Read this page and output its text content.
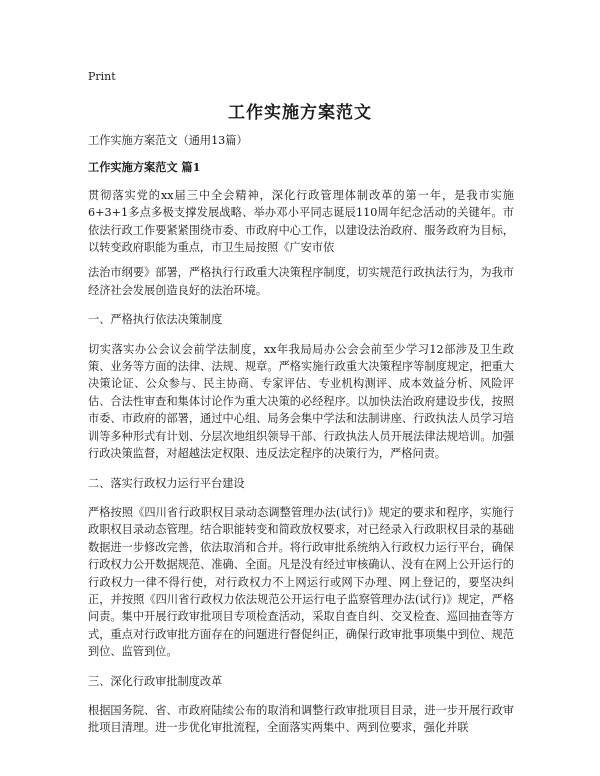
Print
工作实施方案范文

工作实施方案范文（通用13篇）

工作实施方案范文 篇1

贯彻落实党的xx届三中全会精神，深化行政管理体制改革的第一年，是我市实施6+3+1多点多极支撑发展战略、举办邓小平同志诞辰110周年纪念活动的关键年。市依法行政工作要紧紧围绕市委、市政府中心工作，以建设法治政府、服务政府为目标，以转变政府职能为重点，市卫生局按照《广安市依

法治市纲要》部署，严格执行行政重大决策程序制度，切实规范行政执法行为，为我市经济社会发展创造良好的法治环境。

一、严格执行依法决策制度

切实落实办公会议会前学法制度，xx年我局局办公会会前至少学习12部涉及卫生政策、业务等方面的法律、法规、规章。严格实施行政重大决策程序等制度规定，把重大决策论证、公众参与、民主协商、专家评估、专业机构测评、成本效益分析、风险评估、合法性审查和集体讨论作为重大决策的必经程序。以加快法治政府建设步伐，按照市委、市政府的部署，通过中心组、局务会集中学法和法制讲座、行政执法人员学习培训等多种形式有计划、分层次地组织领导干部、行政执法人员开展法律法规培训。加强行政决策监督，对超越法定权限、违反法定程序的决策行为，严格问责。

二、落实行政权力运行平台建设

严格按照《四川省行政职权目录动态调整管理办法(试行)》规定的要求和程序，实施行政职权目录动态管理。结合职能转变和简政放权要求，对已经录入行政职权目录的基础数据进一步修改完善，依法取消和合并。将行政审批系统纳入行政权力运行平台，确保行政权力公开数据规范、准确、全面。凡是没有经过审核确认、没有在网上公开运行的行政权力一律不得行使，对行政权力不上网运行或网下办理、网上登记的，要坚决纠正，并按照《四川省行政权力依法规范公开运行电子监察管理办法(试行)》规定，严格问责。集中开展行政审批项目专项检查活动，采取自查自纠、交叉检查、巡回抽查等方式，重点对行政审批方面存在的问题进行督促纠正，确保行政审批事项集中到位、规范到位、监管到位。

三、深化行政审批制度改革

根据国务院、省、市政府陆续公布的取消和调整行政审批项目目录，进一步开展行政审批项目清理。进一步优化审批流程，全面落实两集中、两到位要求，强化并联
